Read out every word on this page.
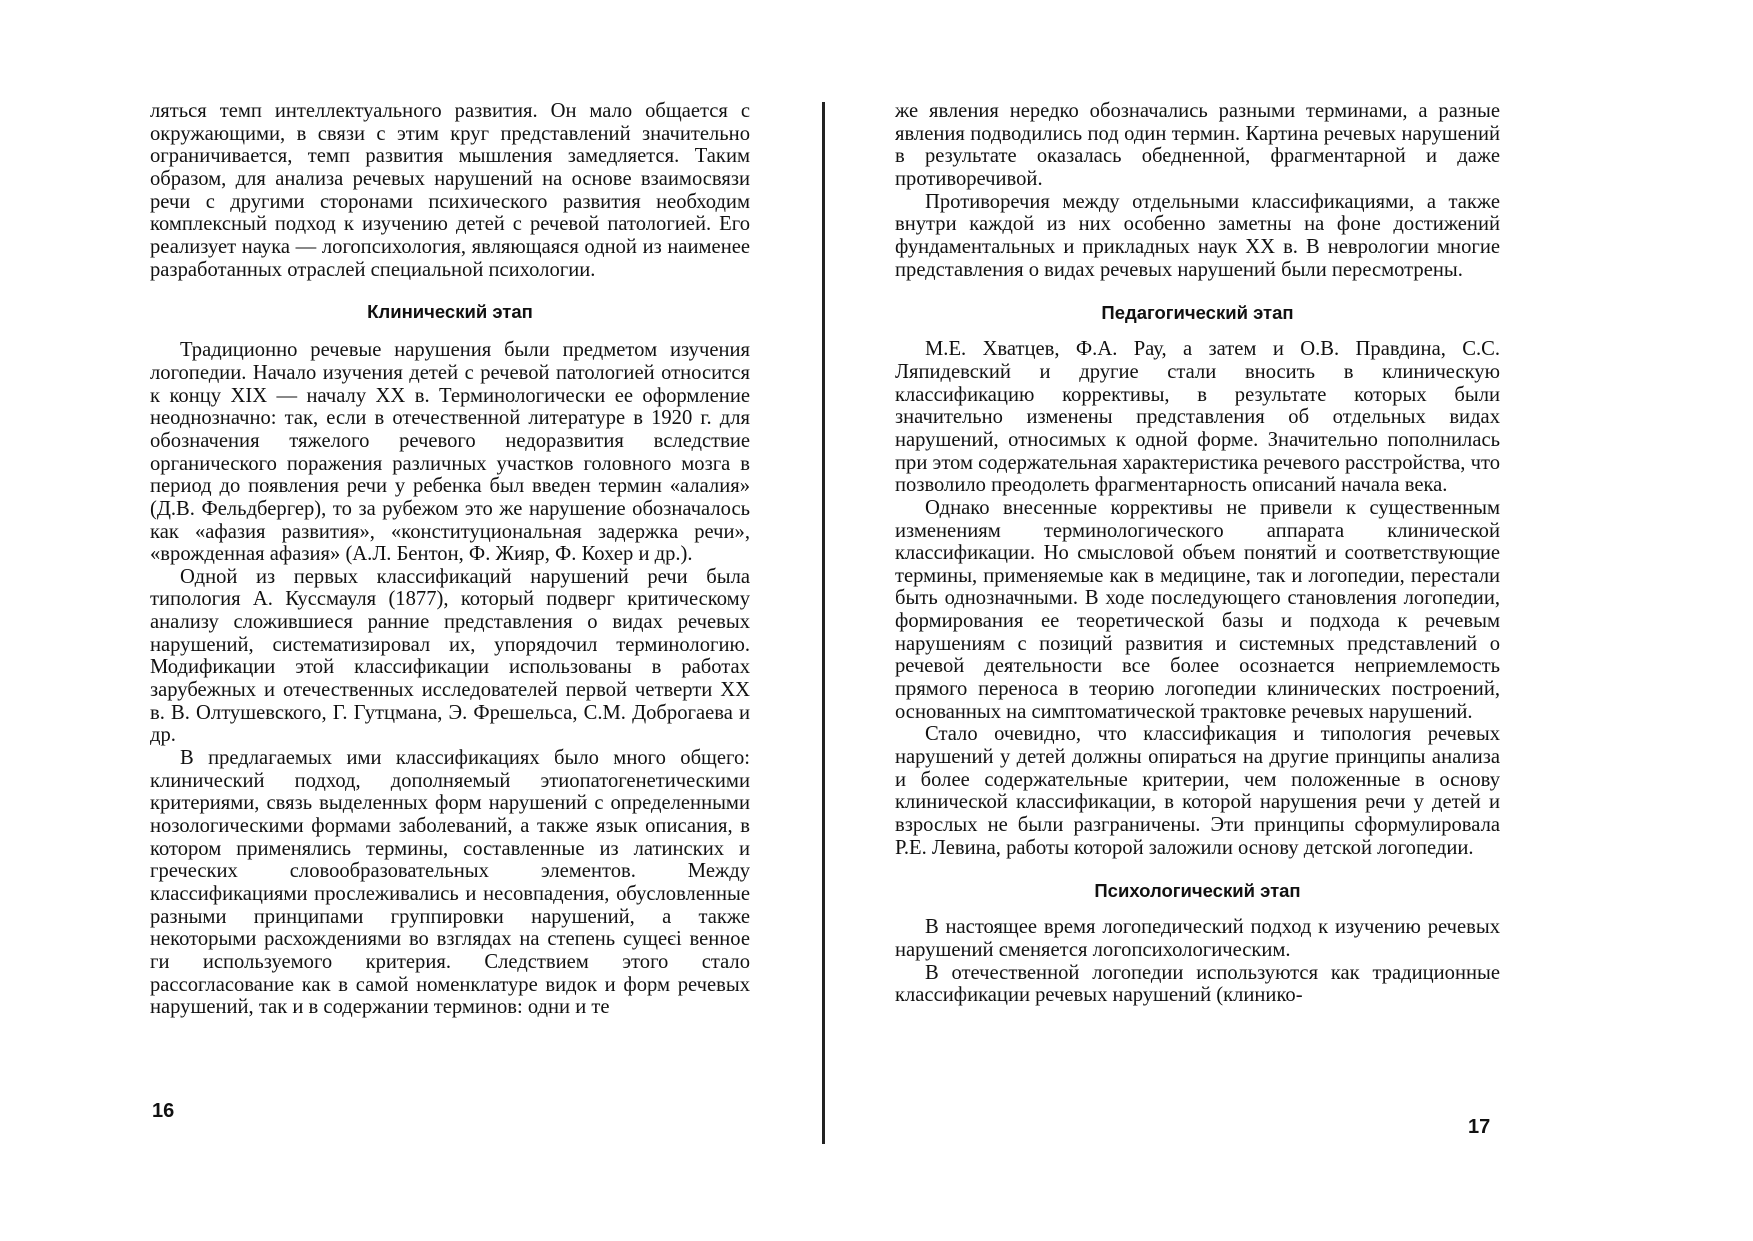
ляться темп интеллектуального развития. Он мало общается с окружающими, в связи с этим круг представлений значительно ограничивается, темп развития мышления замедляется. Таким образом, для анализа речевых нарушений на основе взаимосвязи речи с другими сторонами психического развития необходим комплексный подход к изучению детей с речевой патологией. Его реализует наука — логопсихология, являющаяся одной из наименее разработанных отраслей специальной психологии.

Клинический этап

Традиционно речевые нарушения были предметом изучения логопедии. Начало изучения детей с речевой патологией относится к концу XIX — началу XX в. Терминологически ее оформление неоднозначно: так, если в отечественной литературе в 1920 г. для обозначения тяжелого речевого недоразвития вследствие органического поражения различных участков головного мозга в период до появления речи у ребенка был введен термин «алалия» (Д.В. Фельдбергер), то за рубежом это же нарушение обозначалось как «афазия развития», «конституциональная задержка речи», «врожденная афазия» (А.Л. Бентон, Ф. Жияр, Ф. Кохер и др.).

Одной из первых классификаций нарушений речи была типология А. Куссмауля (1877), который подверг критическому анализу сложившиеся ранние представления о видах речевых нарушений, систематизировал их, упорядочил терминологию. Модификации этой классификации использованы в работах зарубежных и отечественных исследователей первой четверти XX в. В. Олтушевского, Г. Гутцмана, Э. Фрешельса, С.М. Доброгаева и др.

В предлагаемых ими классификациях было много общего: клинический подход, дополняемый этиопатогенетическими критериями, связь выделенных форм нарушений с определенными нозологическими формами заболеваний, а также язык описания, в котором применялись термины, составленные из латинских и греческих словообразовательных элементов. Между классификациями прослеживались и несовпадения, обусловленные разными принципами группировки нарушений, а также некоторыми расхождениями во взглядах на степень сущеєі венное ги используемого критерия. Следствием этого стало рассогласование как в самой номенклатуре видок и форм речевых нарушений, так и в содержании терминов: одни и те

16

же явления нередко обозначались разными терминами, а разные явления подводились под один термин. Картина речевых нарушений в результате оказалась обедненной, фрагментарной и даже противоречивой.

Противоречия между отдельными классификациями, а также внутри каждой из них особенно заметны на фоне достижений фундаментальных и прикладных наук XX в. В неврологии многие представления о видах речевых нарушений были пересмотрены.

Педагогический этап

М.Е. Хватцев, Ф.А. Рау, а затем и О.В. Правдина, С.С. Ляпидевский и другие стали вносить в клиническую классификацию коррективы, в результате которых были значительно изменены представления об отдельных видах нарушений, относимых к одной форме. Значительно пополнилась при этом содержательная характеристика речевого расстройства, что позволило преодолеть фрагментарность описаний начала века.

Однако внесенные коррективы не привели к существенным изменениям терминологического аппарата клинической классификации. Но смысловой объем понятий и соответствующие термины, применяемые как в медицине, так и логопедии, перестали быть однозначными. В ходе последующего становления логопедии, формирования ее теоретической базы и подхода к речевым нарушениям с позиций развития и системных представлений о речевой деятельности все более осознается неприемлемость прямого переноса в теорию логопедии клинических построений, основанных на симптоматической трактовке речевых нарушений.

Стало очевидно, что классификация и типология речевых нарушений у детей должны опираться на другие принципы анализа и более содержательные критерии, чем положенные в основу клинической классификации, в которой нарушения речи у детей и взрослых не были разграничены. Эти принципы сформулировала Р.Е. Левина, работы которой заложили основу детской логопедии.

Психологический этап

В настоящее время логопедический подход к изучению речевых нарушений сменяется логопсихологическим.

В отечественной логопедии используются как традиционные классификации речевых нарушений (клинико-

17
